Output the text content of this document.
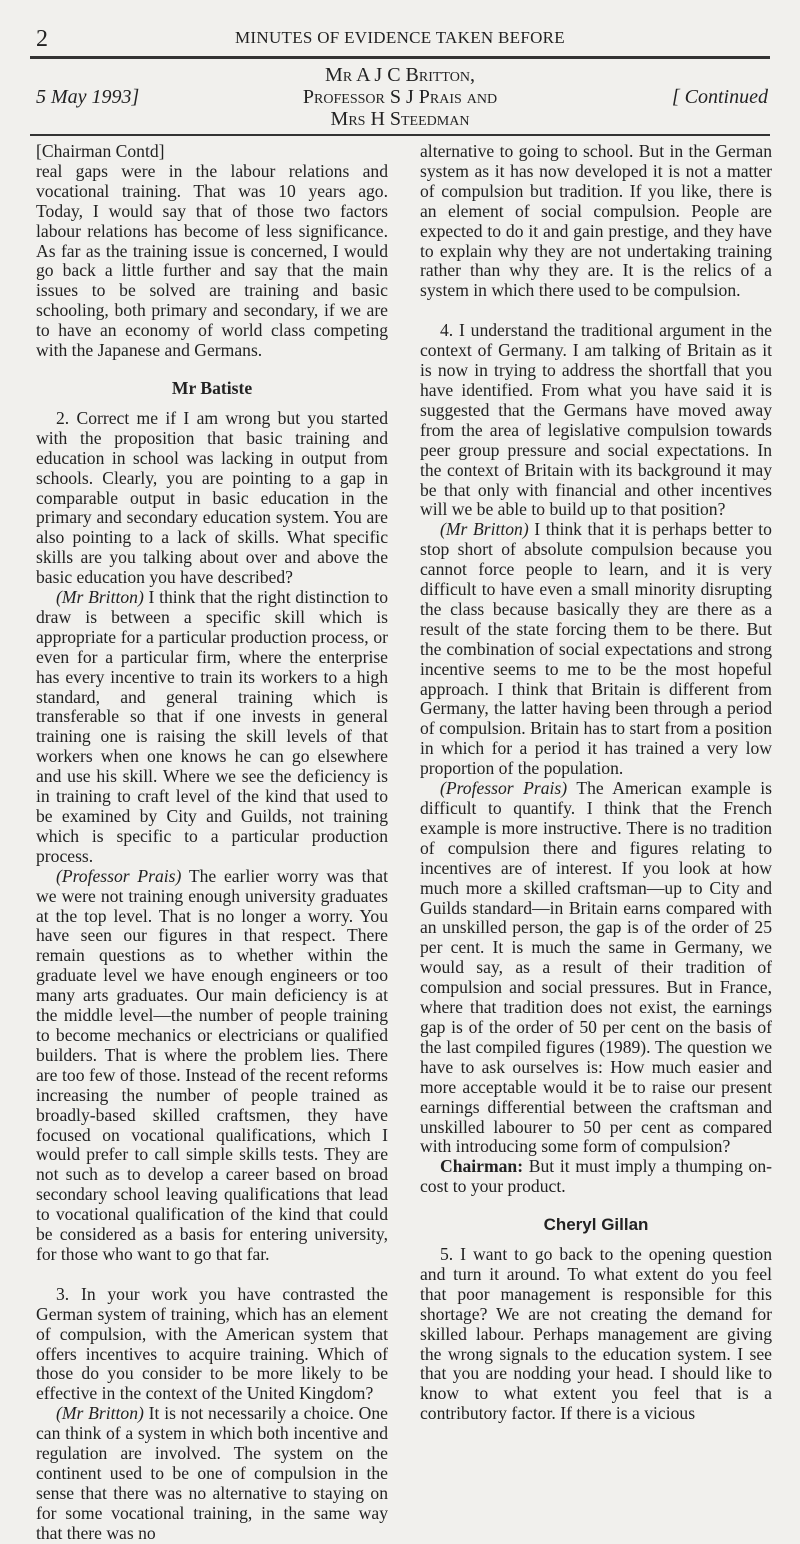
2	MINUTES OF EVIDENCE TAKEN BEFORE
Mr A J C Britton,
5 May 1993]	Professor S J Prais and	[ Continued
Mrs H Steedman

[Chairman Contd]

real gaps were in the labour relations and vocational training. That was 10 years ago. Today, I would say that of those two factors labour relations has become of less significance. As far as the training issue is concerned, I would go back a little further and say that the main issues to be solved are training and basic schooling, both primary and secondary, if we are to have an economy of world class competing with the Japanese and Germans.

Mr Batiste

2. Correct me if I am wrong but you started with the proposition that basic training and education in school was lacking in output from schools. Clearly, you are pointing to a gap in comparable output in basic education in the primary and secondary education system. You are also pointing to a lack of skills. What specific skills are you talking about over and above the basic education you have described?

(Mr Britton) I think that the right distinction to draw is between a specific skill which is appropriate for a particular production process, or even for a particular firm, where the enterprise has every incentive to train its workers to a high standard, and general training which is transferable so that if one invests in general training one is raising the skill levels of that workers when one knows he can go elsewhere and use his skill. Where we see the deficiency is in training to craft level of the kind that used to be examined by City and Guilds, not training which is specific to a particular production process.

(Professor Prais) The earlier worry was that we were not training enough university graduates at the top level. That is no longer a worry. You have seen our figures in that respect. There remain questions as to whether within the graduate level we have enough engineers or too many arts graduates. Our main deficiency is at the middle level—the number of people training to become mechanics or electricians or qualified builders. That is where the problem lies. There are too few of those. Instead of the recent reforms increasing the number of people trained as broadly-based skilled craftsmen, they have focused on vocational qualifications, which I would prefer to call simple skills tests. They are not such as to develop a career based on broad secondary school leaving qualifications that lead to vocational qualification of the kind that could be considered as a basis for entering university, for those who want to go that far.

3. In your work you have contrasted the German system of training, which has an element of compulsion, with the American system that offers incentives to acquire training. Which of those do you consider to be more likely to be effective in the context of the United Kingdom?

(Mr Britton) It is not necessarily a choice. One can think of a system in which both incentive and regulation are involved. The system on the continent used to be one of compulsion in the sense that there was no alternative to staying on for some vocational training, in the same way that there was no

alternative to going to school. But in the German system as it has now developed it is not a matter of compulsion but tradition. If you like, there is an element of social compulsion. People are expected to do it and gain prestige, and they have to explain why they are not undertaking training rather than why they are. It is the relics of a system in which there used to be compulsion.

4. I understand the traditional argument in the context of Germany. I am talking of Britain as it is now in trying to address the shortfall that you have identified. From what you have said it is suggested that the Germans have moved away from the area of legislative compulsion towards peer group pressure and social expectations. In the context of Britain with its background it may be that only with financial and other incentives will we be able to build up to that position?

(Mr Britton) I think that it is perhaps better to stop short of absolute compulsion because you cannot force people to learn, and it is very difficult to have even a small minority disrupting the class because basically they are there as a result of the state forcing them to be there. But the combination of social expectations and strong incentive seems to me to be the most hopeful approach. I think that Britain is different from Germany, the latter having been through a period of compulsion. Britain has to start from a position in which for a period it has trained a very low proportion of the population.

(Professor Prais) The American example is difficult to quantify. I think that the French example is more instructive. There is no tradition of compulsion there and figures relating to incentives are of interest. If you look at how much more a skilled craftsman—up to City and Guilds standard—in Britain earns compared with an unskilled person, the gap is of the order of 25 per cent. It is much the same in Germany, we would say, as a result of their tradition of compulsion and social pressures. But in France, where that tradition does not exist, the earnings gap is of the order of 50 per cent on the basis of the last compiled figures (1989). The question we have to ask ourselves is: How much easier and more acceptable would it be to raise our present earnings differential between the craftsman and unskilled labourer to 50 per cent as compared with introducing some form of compulsion?

Chairman: But it must imply a thumping on-cost to your product.

Cheryl Gillan

5. I want to go back to the opening question and turn it around. To what extent do you feel that poor management is responsible for this shortage? We are not creating the demand for skilled labour. Perhaps management are giving the wrong signals to the education system. I see that you are nodding your head. I should like to know to what extent you feel that is a contributory factor. If there is a vicious
